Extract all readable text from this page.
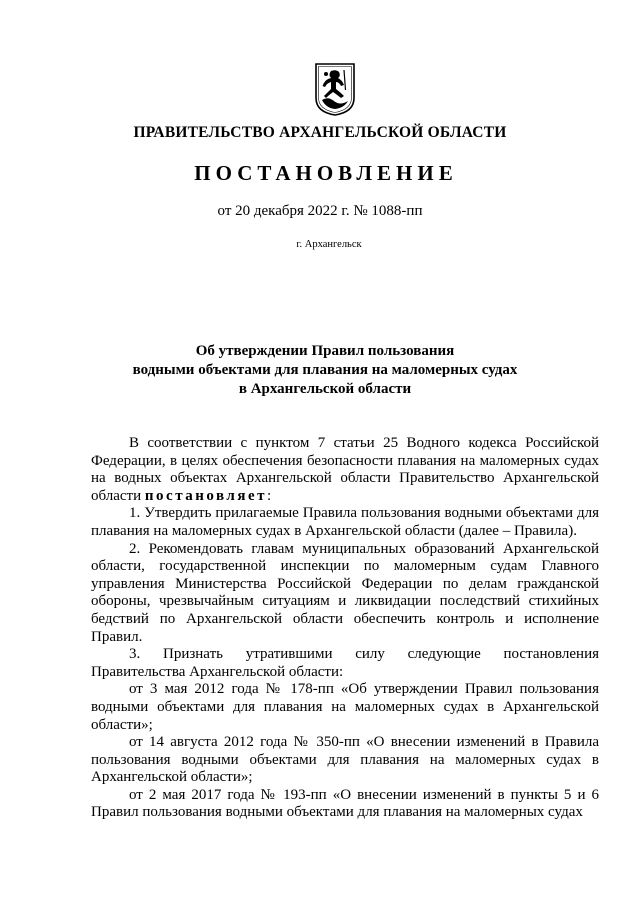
ПРАВИТЕЛЬСТВО АРХАНГЕЛЬСКОЙ ОБЛАСТИ
ПОСТАНОВЛЕНИЕ
от 20 декабря 2022 г. № 1088-пп
г. Архангельск
Об утверждении Правил пользования
водными объектами для плавания на маломерных судах
в Архангельской области

В соответствии с пунктом 7 статьи 25 Водного кодекса Российской Федерации, в целях обеспечения безопасности плавания на маломерных судах на водных объектах Архангельской области Правительство Архангельской области постановляет:

1. Утвердить прилагаемые Правила пользования водными объектами для плавания на маломерных судах в Архангельской области (далее – Правила).

2. Рекомендовать главам муниципальных образований Архангельской области, государственной инспекции по маломерным судам Главного управления Министерства Российской Федерации по делам гражданской обороны, чрезвычайным ситуациям и ликвидации последствий стихийных бедствий по Архангельской области обеспечить контроль и исполнение Правил.

3. Признать утратившими силу следующие постановления Правительства Архангельской области:

от 3 мая 2012 года № 178-пп «Об утверждении Правил пользования водными объектами для плавания на маломерных судах в Архангельской области»;

от 14 августа 2012 года № 350-пп «О внесении изменений в Правила пользования водными объектами для плавания на маломерных судах в Архангельской области»;

от 2 мая 2017 года № 193-пп «О внесении изменений в пункты 5 и 6 Правил пользования водными объектами для плавания на маломерных судах
